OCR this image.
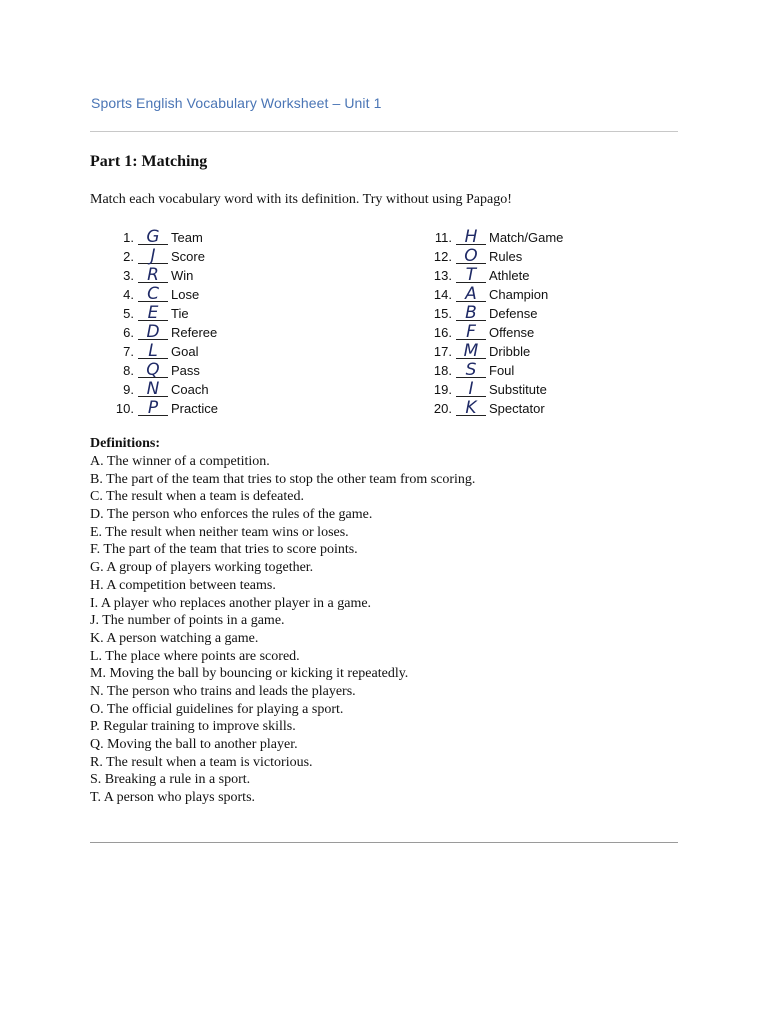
Sports English Vocabulary Worksheet – Unit 1
Part 1: Matching
Match each vocabulary word with its definition. Try without using Papago!
1. G Team
2. J	Score
3. R Win
4. C Lose
5. E Tie
6. D Referee
7. L	Goal
8. Q Pass
9. N Coach
10. P Practice
11. H Match/Game
12. O Rules
13. T Athlete
14. A Champion
15. B Defense
16. F	Offense
17. M Dribble
18. S Foul
19. I	Substitute
20. K Spectator
Definitions:
A. The winner of a competition.
B. The part of the team that tries to stop the other team from scoring.
C. The result when a team is defeated.
D. The person who enforces the rules of the game.
E. The result when neither team wins or loses.
F. The part of the team that tries to score points.
G. A group of players working together.
H. A competition between teams.
I. A player who replaces another player in a game.
J. The number of points in a game.
K. A person watching a game.
L. The place where points are scored.
M. Moving the ball by bouncing or kicking it repeatedly.
N. The person who trains and leads the players.
O. The official guidelines for playing a sport.
P. Regular training to improve skills.
Q. Moving the ball to another player.
R. The result when a team is victorious.
S. Breaking a rule in a sport.
T. A person who plays sports.
